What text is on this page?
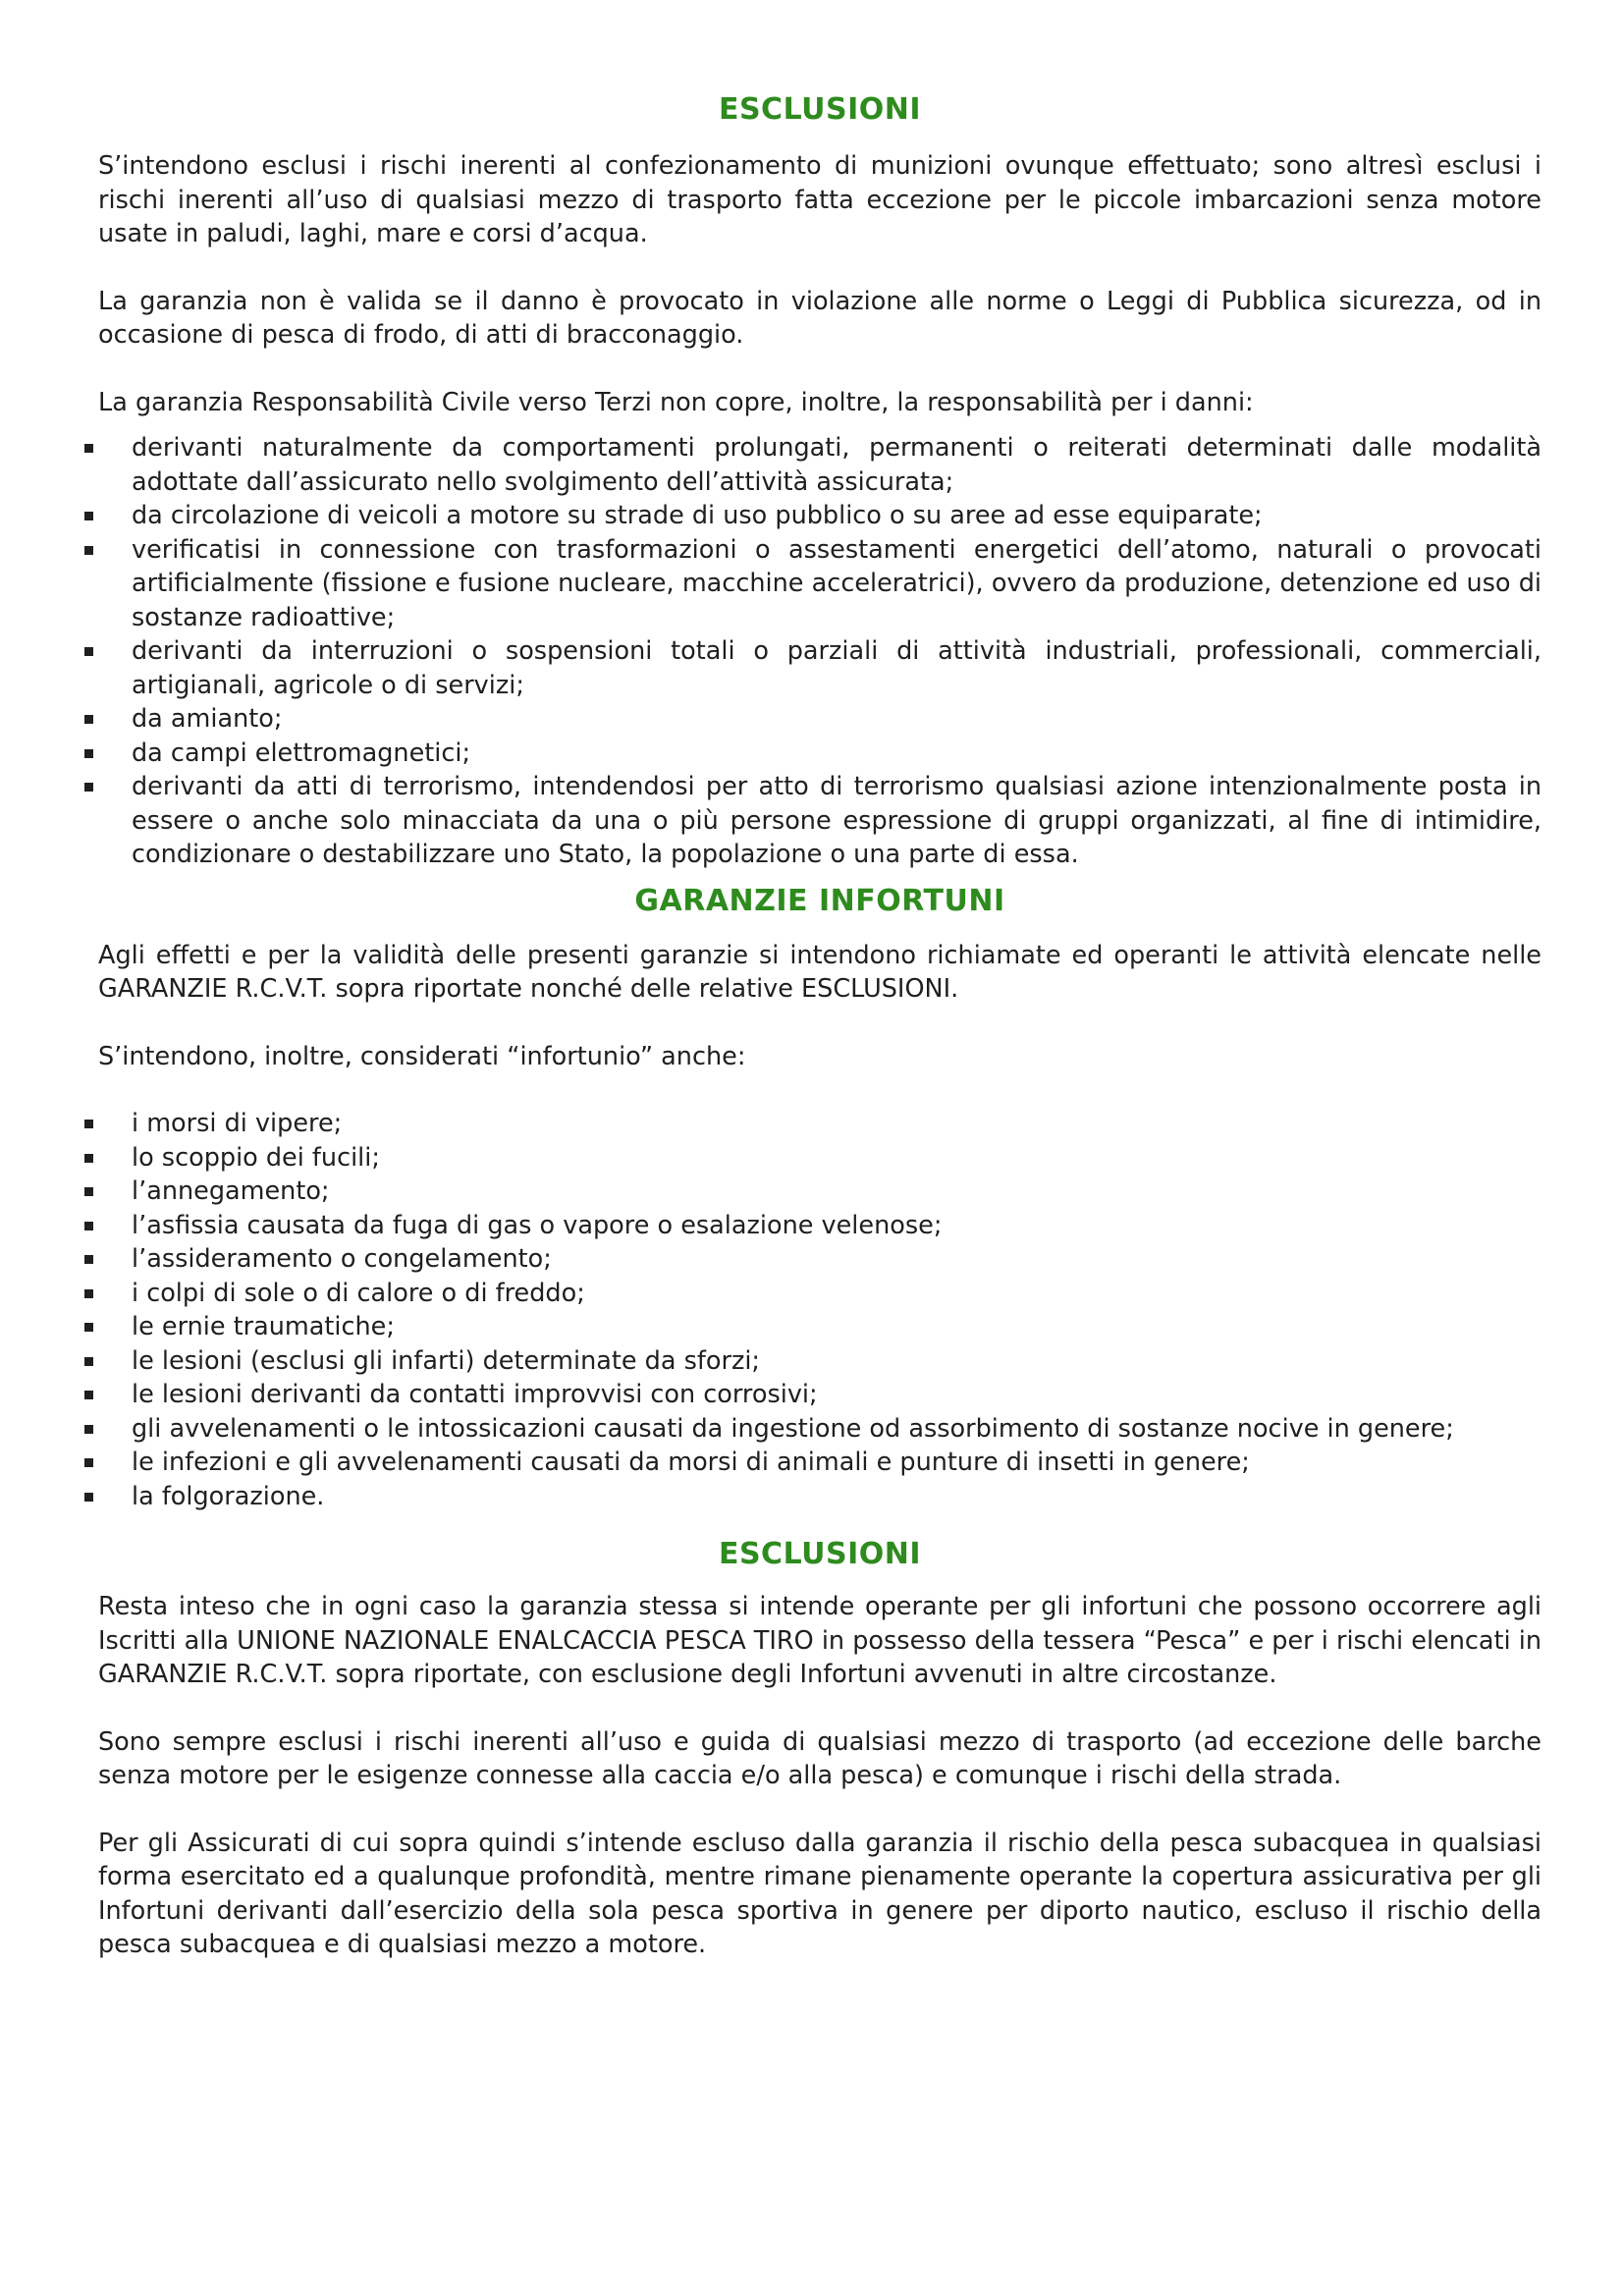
ESCLUSIONI

S’intendono esclusi i rischi inerenti al confezionamento di munizioni ovunque effettuato; sono altresì esclusi i rischi inerenti all’uso di qualsiasi mezzo di trasporto fatta eccezione per le piccole imbarcazioni senza motore usate in paludi, laghi, mare e corsi d’acqua.

La garanzia non è valida se il danno è provocato in violazione alle norme o Leggi di Pubblica sicurezza, od in occasione di pesca di frodo, di atti di bracconaggio.

La garanzia Responsabilità Civile verso Terzi non copre, inoltre, la responsabilità per i danni:

derivanti naturalmente da comportamenti prolungati, permanenti o reiterati determinati dalle modalità adottate dall’assicurato nello svolgimento dell’attività assicurata;
da circolazione di veicoli a motore su strade di uso pubblico o su aree ad esse equiparate;
verificatisi in connessione con trasformazioni o assestamenti energetici dell’atomo, naturali o provocati artificialmente (fissione e fusione nucleare, macchine acceleratrici), ovvero da produzione, detenzione ed uso di sostanze radioattive;
derivanti da interruzioni o sospensioni totali o parziali di attività industriali, professionali, commerciali, artigianali, agricole o di servizi;
da amianto;
da campi elettromagnetici;
derivanti da atti di terrorismo, intendendosi per atto di terrorismo qualsiasi azione intenzionalmente posta in essere o anche solo minacciata da una o più persone espressione di gruppi organizzati, al fine di intimidire, condizionare o destabilizzare uno Stato, la popolazione o una parte di essa.
GARANZIE INFORTUNI

Agli effetti e per la validità delle presenti garanzie si intendono richiamate ed operanti le attività elencate nelle GARANZIE R.C.V.T. sopra riportate nonché delle relative ESCLUSIONI.

S’intendono, inoltre, considerati “infortunio” anche:

i morsi di vipere;
lo scoppio dei fucili;
l’annegamento;
l’asfissia causata da fuga di gas o vapore o esalazione velenose;
l’assideramento o congelamento;
i colpi di sole o di calore o di freddo;
le ernie traumatiche;
le lesioni (esclusi gli infarti) determinate da sforzi;
le lesioni derivanti da contatti improvvisi con corrosivi;
gli avvelenamenti o le intossicazioni causati da ingestione od assorbimento di sostanze nocive in genere;
le infezioni e gli avvelenamenti causati da morsi di animali e punture di insetti in genere;
la folgorazione.
ESCLUSIONI

Resta inteso che in ogni caso la garanzia stessa si intende operante per gli infortuni che possono occorrere agli Iscritti alla UNIONE NAZIONALE ENALCACCIA PESCA TIRO in possesso della tessera “Pesca” e per i rischi elencati in GARANZIE R.C.V.T. sopra riportate, con esclusione degli Infortuni avvenuti in altre circostanze.

Sono sempre esclusi i rischi inerenti all’uso e guida di qualsiasi mezzo di trasporto (ad eccezione delle barche senza motore per le esigenze connesse alla caccia e/o alla pesca) e comunque i rischi della strada.

Per gli Assicurati di cui sopra quindi s’intende escluso dalla garanzia il rischio della pesca subacquea in qualsiasi forma esercitato ed a qualunque profondità, mentre rimane pienamente operante la copertura assicurativa per gli Infortuni derivanti dall’esercizio della sola pesca sportiva in genere per diporto nautico, escluso il rischio della pesca subacquea e di qualsiasi mezzo a motore.
